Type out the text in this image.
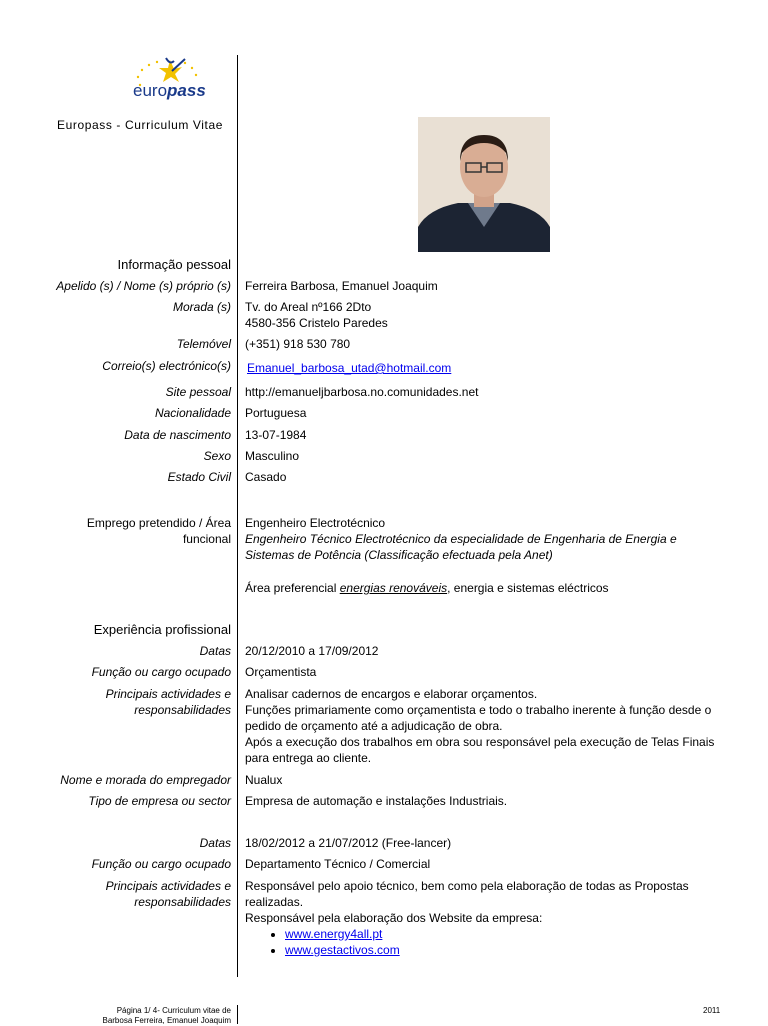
europass
Europass - Curriculum Vitae
Informação pessoal
Apelido (s) / Nome (s) próprio (s) Ferreira Barbosa, Emanuel Joaquim
Morada (s) Tv. do Areal nº166 2Dto
4580-356 Cristelo Paredes
Telemóvel (+351) 918 530 780
Correio(s) electrónico(s) Emanuel_barbosa_utad@hotmail.com
Site pessoal http://emanueljbarbosa.no.comunidades.net
Nacionalidade Portuguesa
Data de nascimento 13-07-1984
Sexo Masculino
Estado Civil Casado
Emprego pretendido / Área
funcional
Engenheiro Electrotécnico
Engenheiro Técnico Electrotécnico da especialidade de Engenharia de Energia e Sistemas de Potência (Classificação efectuada pela Anet)
Área preferencial energias renováveis, energia e sistemas eléctricos
Experiência profissional
Datas 20/12/2010 a 17/09/2012
Função ou cargo ocupado Orçamentista
Principais actividades e
responsabilidades
Analisar cadernos de encargos e elaborar orçamentos.
Funções primariamente como orçamentista e todo o trabalho inerente à função desde o pedido de orçamento até a adjudicação de obra.
Após a execução dos trabalhos em obra sou responsável pela execução de Telas Finais para entrega ao cliente.
Nome e morada do empregador Nualux
Tipo de empresa ou sector Empresa de automação e instalações Industriais.
Datas 18/02/2012 a 21/07/2012 (Free-lancer)
Função ou cargo ocupado Departamento Técnico / Comercial
Principais actividades e
responsabilidades
Responsável pelo apoio técnico, bem como pela elaboração de todas as Propostas realizadas.
Responsável pela elaboração dos Website da empresa:
• www.energy4all.pt
• www.gestactivos.com
Página 1/ 4- Curriculum vitae de
Barbosa Ferreira, Emanuel Joaquim
2011
